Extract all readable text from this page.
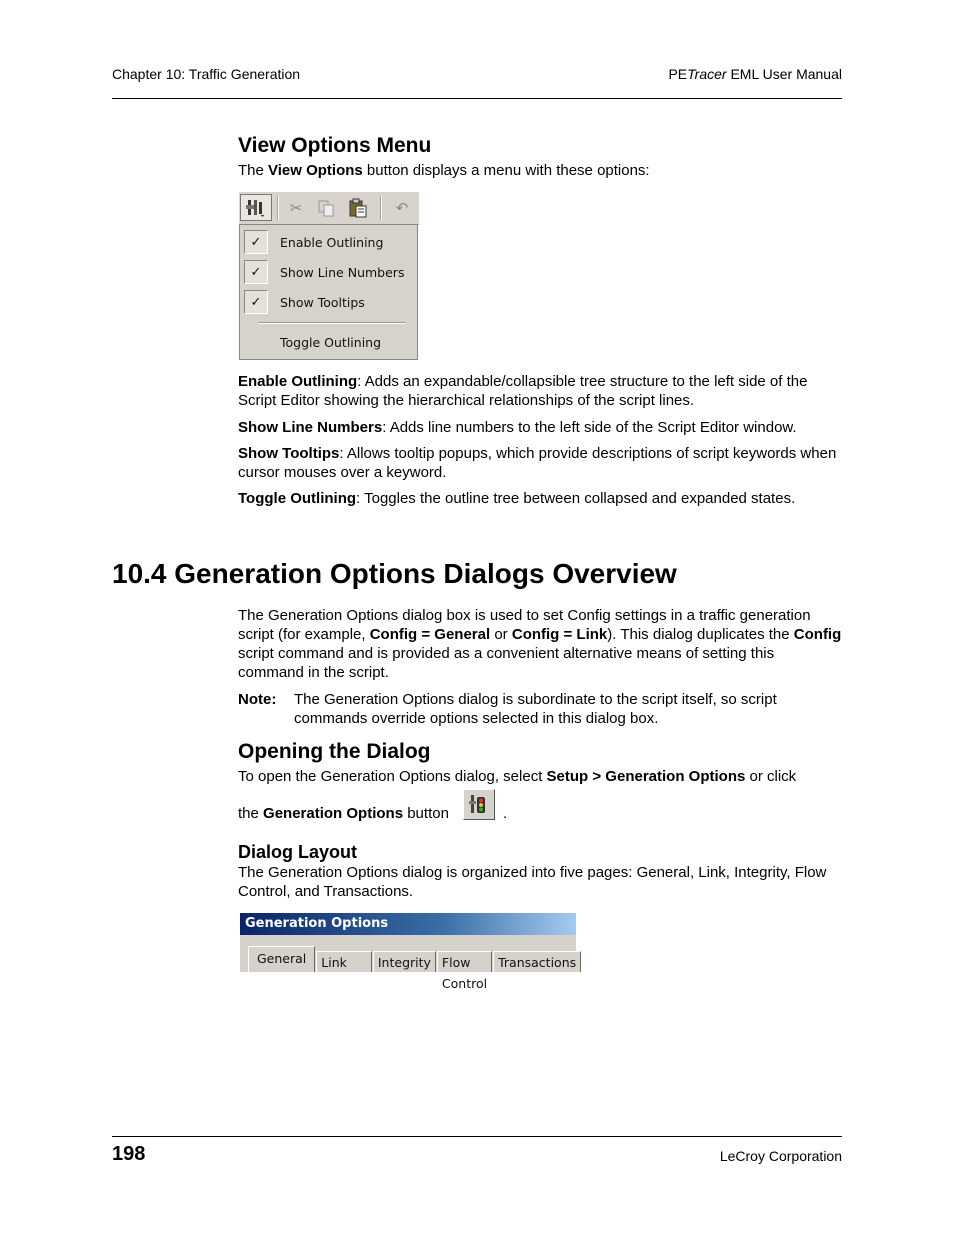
Chapter 10: Traffic Generation	PETracer EML User Manual
View Options Menu
The View Options button displays a menu with these options:
✂	↶
✓	Enable Outlining
✓	Show Line Numbers
✓	Show Tooltips
Toggle Outlining
Enable Outlining: Adds an expandable/collapsible tree structure to the left side of the Script Editor showing the hierarchical relationships of the script lines.
Show Line Numbers: Adds line numbers to the left side of the Script Editor window.
Show Tooltips: Allows tooltip popups, which provide descriptions of script keywords when cursor mouses over a keyword.
Toggle Outlining: Toggles the outline tree between collapsed and expanded states.
10.4 Generation Options Dialogs Overview
The Generation Options dialog box is used to set Config settings in a traffic generation script (for example, Config = General or Config = Link). This dialog duplicates the Config script command and is provided as a convenient alternative means of setting this command in the script.
Note: The Generation Options dialog is subordinate to the script itself, so script commands override options selected in this dialog box.
Opening the Dialog
To open the Generation Options dialog, select Setup > Generation Options or click
the Generation Options button	.
Dialog Layout
The Generation Options dialog is organized into five pages: General, Link, Integrity, Flow Control, and Transactions.
Generation Options
General	Link	Integrity Flow Control
Transactions
198	LeCroy Corporation
